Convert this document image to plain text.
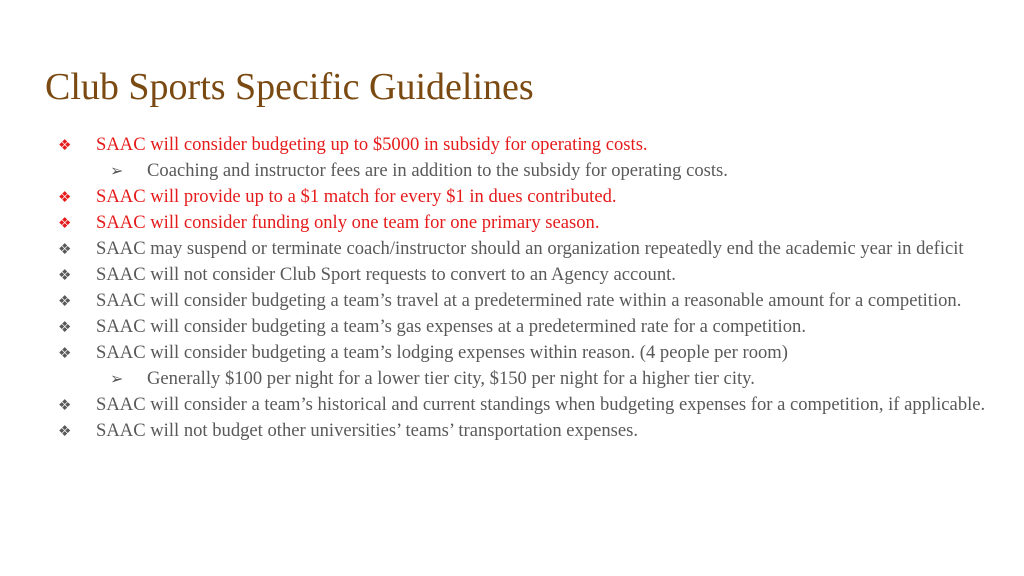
Club Sports Specific Guidelines
❖	SAAC will consider budgeting up to $5000 in subsidy for operating costs.
➢	Coaching and instructor fees are in addition to the subsidy for operating costs.
❖	SAAC will provide up to a $1 match for every $1 in dues contributed.
❖	SAAC will consider funding only one team for one primary season.
❖	SAAC may suspend or terminate coach/instructor should an organization repeatedly end the academic year in deficit
❖	SAAC will not consider Club Sport requests to convert to an Agency account.
❖	SAAC will consider budgeting a team’s travel at a predetermined rate within a reasonable amount for a competition.
❖	SAAC will consider budgeting a team’s gas expenses at a predetermined rate for a competition.
❖	SAAC will consider budgeting a team’s lodging expenses within reason. (4 people per room)
➢	Generally $100 per night for a lower tier city, $150 per night for a higher tier city.
❖	SAAC will consider a team’s historical and current standings when budgeting expenses for a competition, if applicable.
❖	SAAC will not budget other universities’ teams’ transportation expenses.
